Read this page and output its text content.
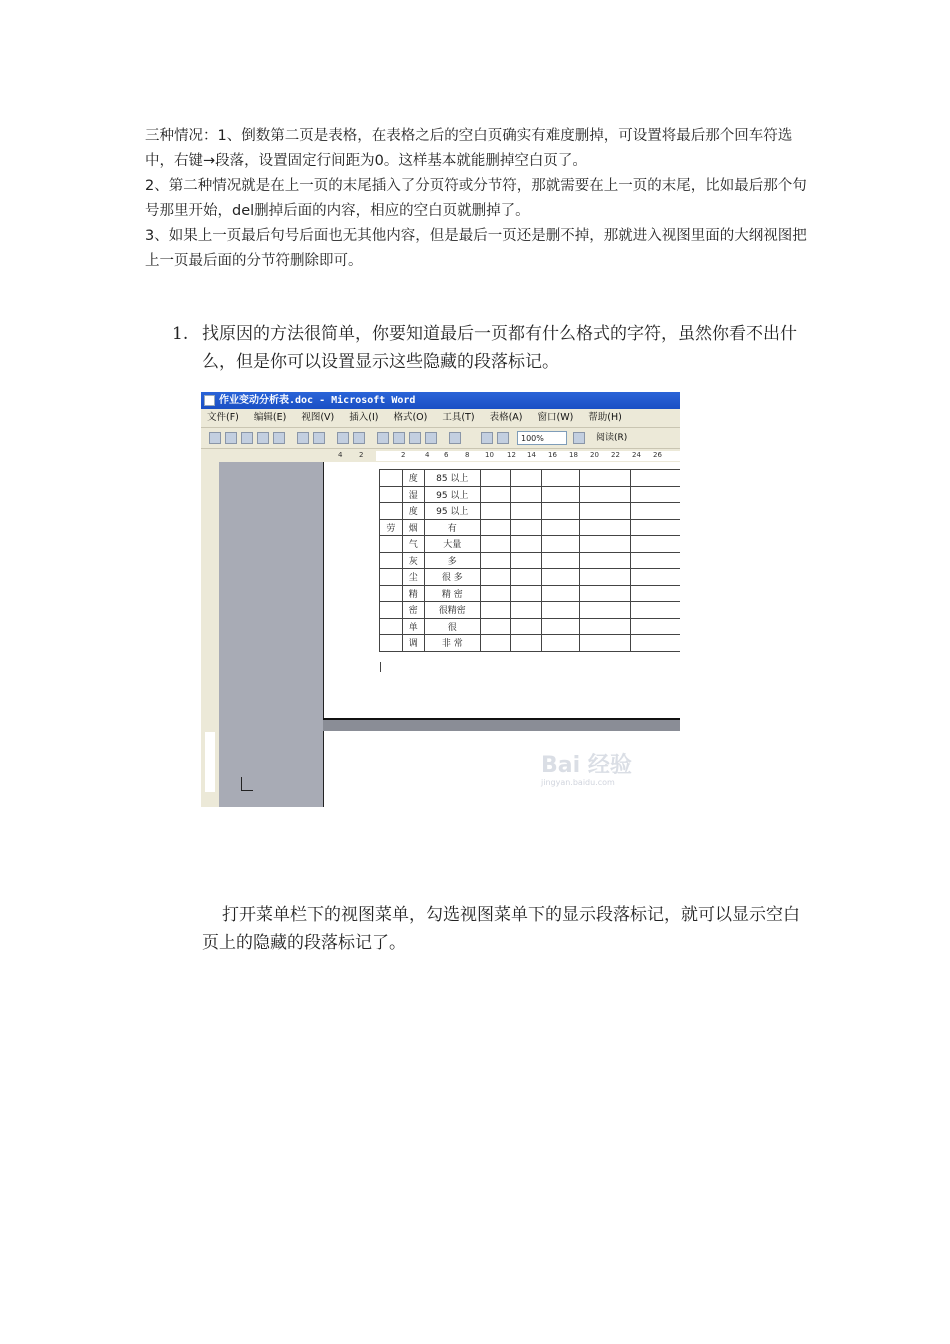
三种情况：1、倒数第二页是表格，在表格之后的空白页确实有难度删掉，可设置将最后那个回车符选中，右键→段落，设置固定行间距为0。这样基本就能删掉空白页了。

2、第二种情况就是在上一页的末尾插入了分页符或分节符，那就需要在上一页的末尾，比如最后那个句号那里开始，del删掉后面的内容，相应的空白页就删掉了。

3、如果上一页最后句号后面也无其他内容，但是最后一页还是删不掉，那就进入视图里面的大纲视图把上一页最后面的分节符删除即可。

1. 找原因的方法很简单，你要知道最后一页都有什么格式的字符，虽然你看不出什么，但是你可以设置显示这些隐藏的段落标记。
作业变动分析表.doc - Microsoft Word
文件(F) 编辑(E) 视图(V) 插入(I) 格式(O) 工具(T) 表格(A) 窗口(W) 帮助(H)
100%	阅读(R)
4 2	2	4 6 8 10 12 14 16 18 20 22 24 26
	度	85 以上					
	湿	95 以上					
	度	95 以上					
劳	烟	有					
	气	大量					
	灰	多					
	尘	很 多					
	精	精 密					
	密	很精密					
	单	很					
	调	非 常					
Bai 经验
jingyan.baidu.com

打开菜单栏下的视图菜单，勾选视图菜单下的显示段落标记，就可以显示空白页上的隐藏的段落标记了。
